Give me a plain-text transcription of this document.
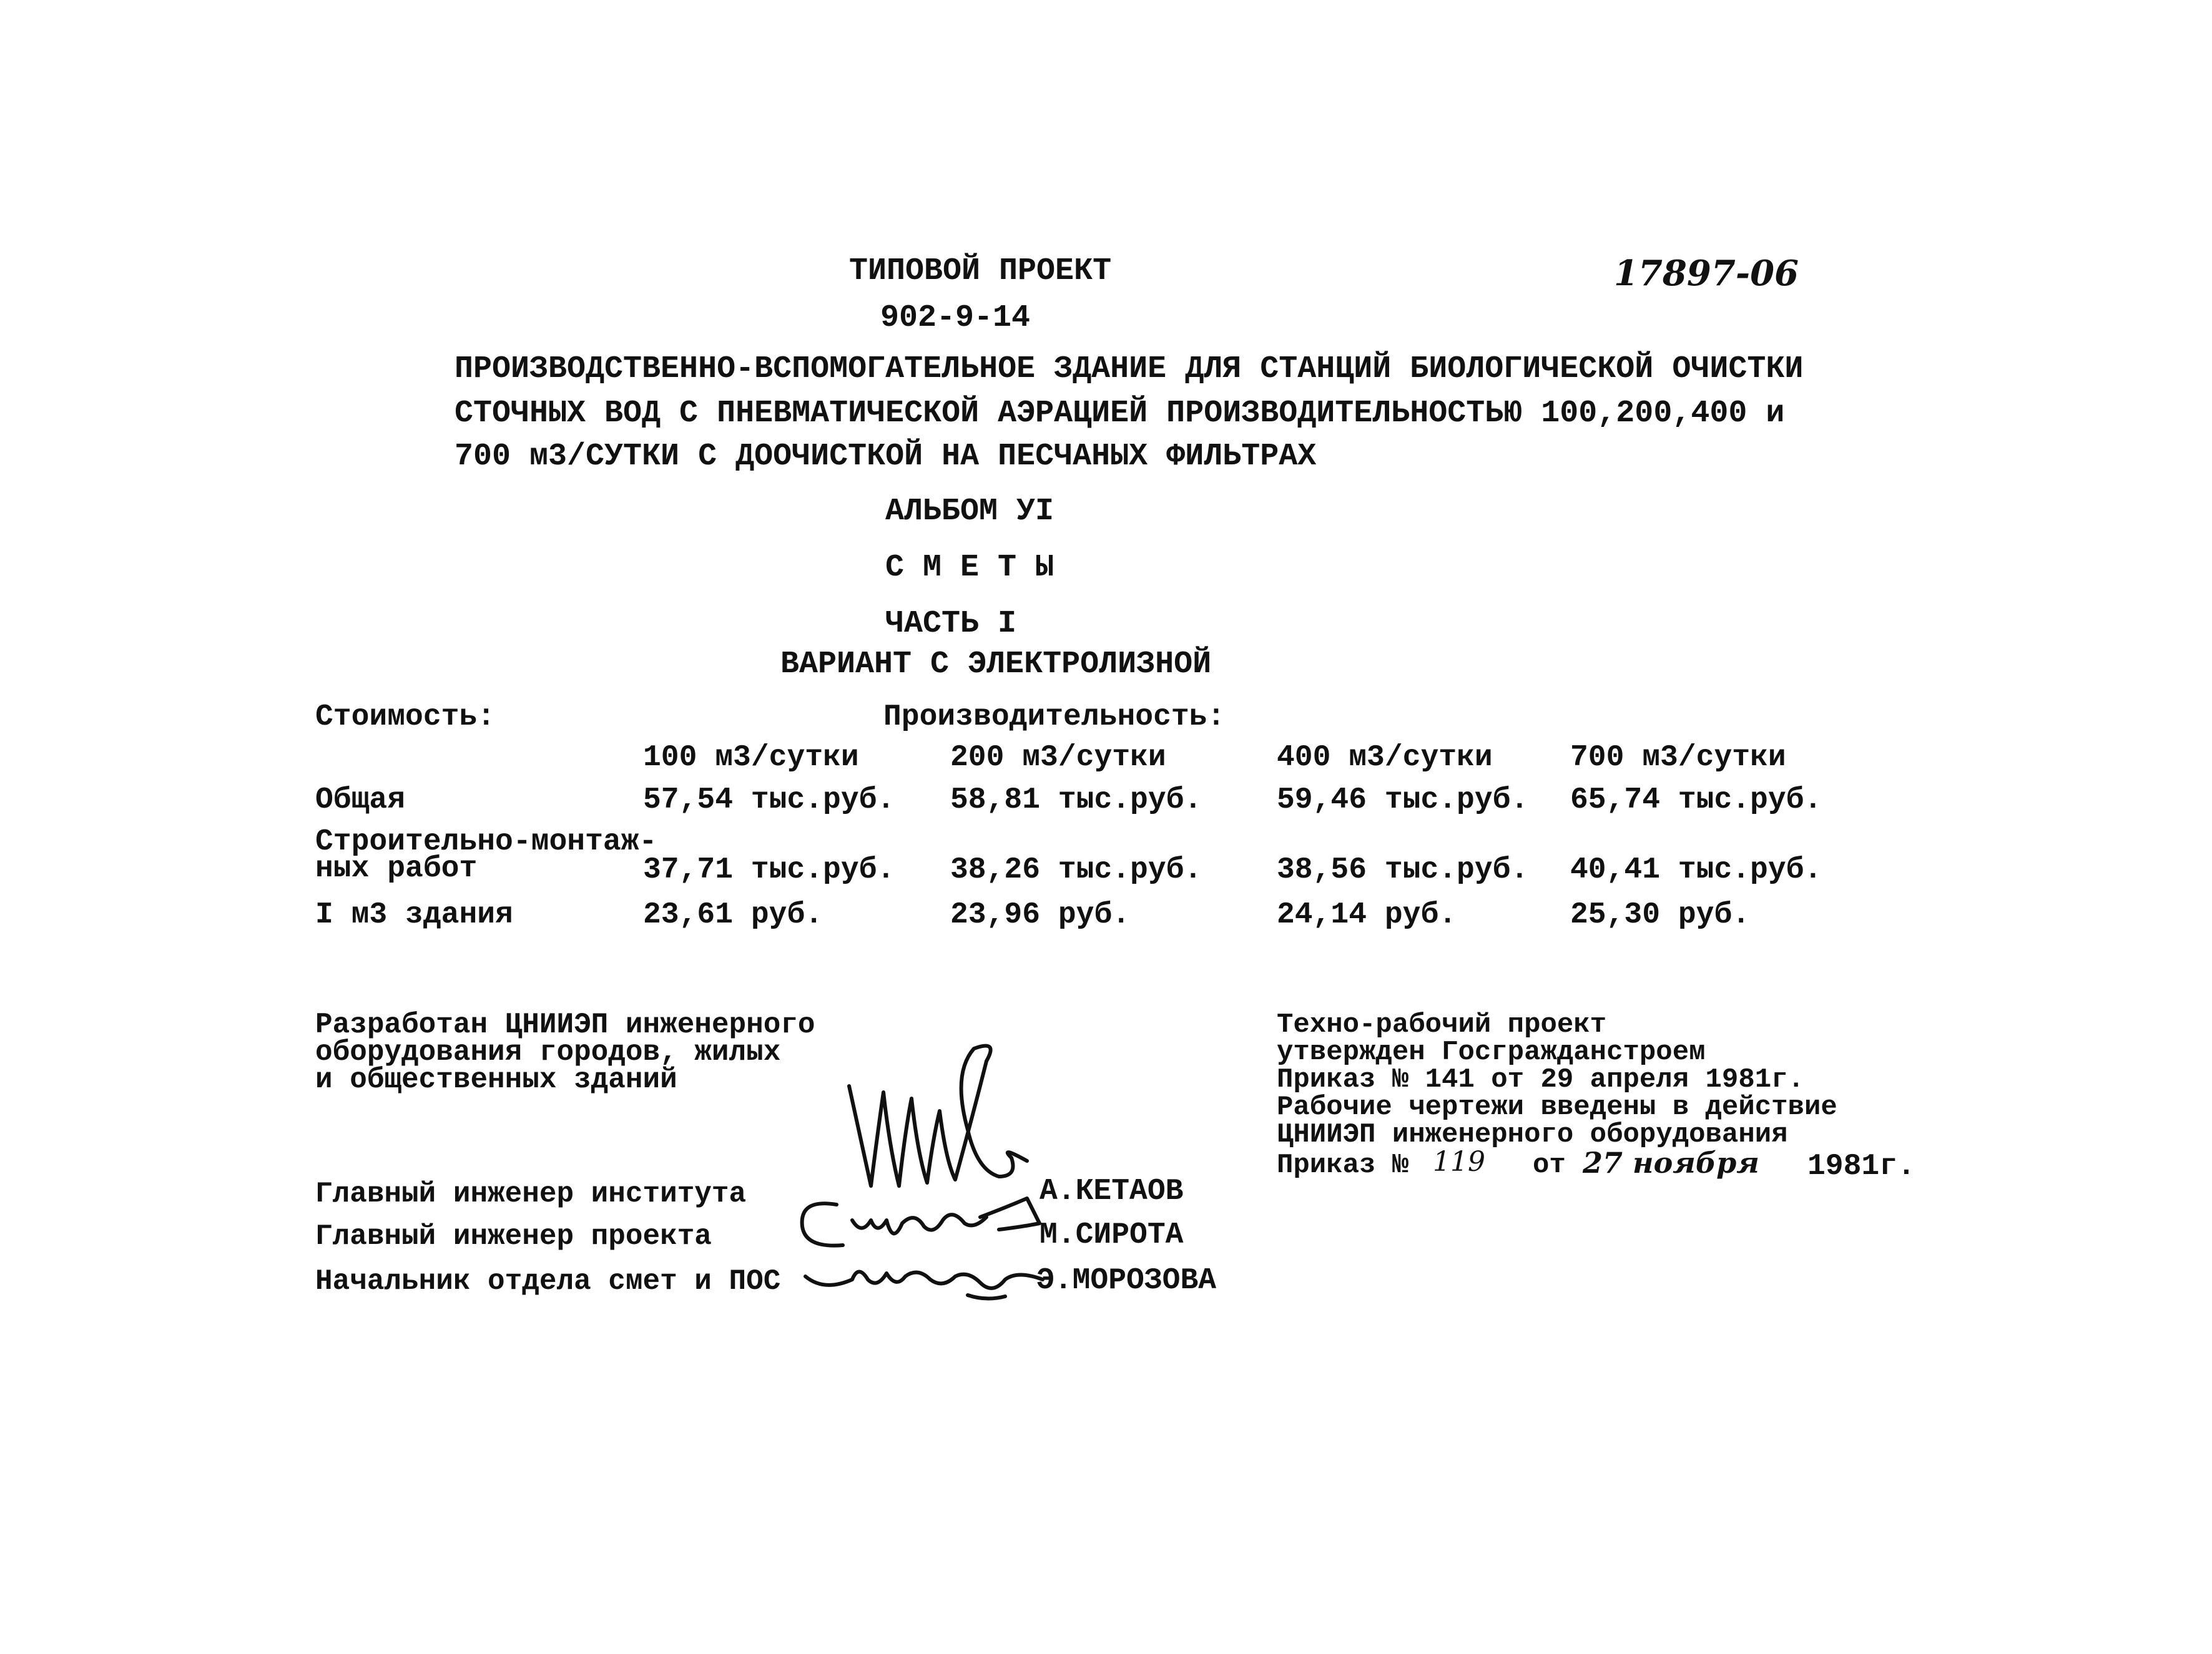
17897-06
ТИПОВОЙ ПРОЕКТ
902-9-14
ПРОИЗВОДСТВЕННО-ВСПОМОГАТЕЛЬНОЕ ЗДАНИЕ ДЛЯ СТАНЦИЙ БИОЛОГИЧЕСКОЙ ОЧИСТКИ
СТОЧНЫХ ВОД С ПНЕВМАТИЧЕСКОЙ АЭРАЦИЕЙ ПРОИЗВОДИТЕЛЬНОСТЬЮ 100,200,400 и
700 м3/СУТКИ С ДООЧИСТКОЙ НА ПЕСЧАНЫХ ФИЛЬТРАХ
АЛЬБОМ УI
С М Е Т Ы
ЧАСТЬ I
ВАРИАНТ С ЭЛЕКТРОЛИЗНОЙ
Стоимость:	Производительность:
100 м3/сутки	200 м3/сутки	400 м3/сутки	700 м3/сутки
Общая	57,54 тыс.руб. 58,81 тыс.руб. 59,46 тыс.руб. 65,74 тыс.руб.
Строительно-монтаж-
ных работ	37,71 тыс.руб. 38,26 тыс.руб. 38,56 тыс.руб. 40,41 тыс.руб.
I м3 здания	23,61 руб.	23,96 руб.	24,14 руб.	25,30 руб.
Разработан ЦНИИЭП инженерного
оборудования городов, жилых
и общественных зданий
Техно-рабочий проект
утвержден Госгражданстроем
Приказ № 141 от 29 апреля 1981г.
Рабочие чертежи введены в действие
ЦНИИЭП инженерного оборудования
Приказ № 119 от 27 ноября 1981г.
Главный инженер института	А.КЕТАОВ
Главный инженер проекта	М.СИРОТА
Начальник отдела смет и ПОС	Э.МОРОЗОВА
